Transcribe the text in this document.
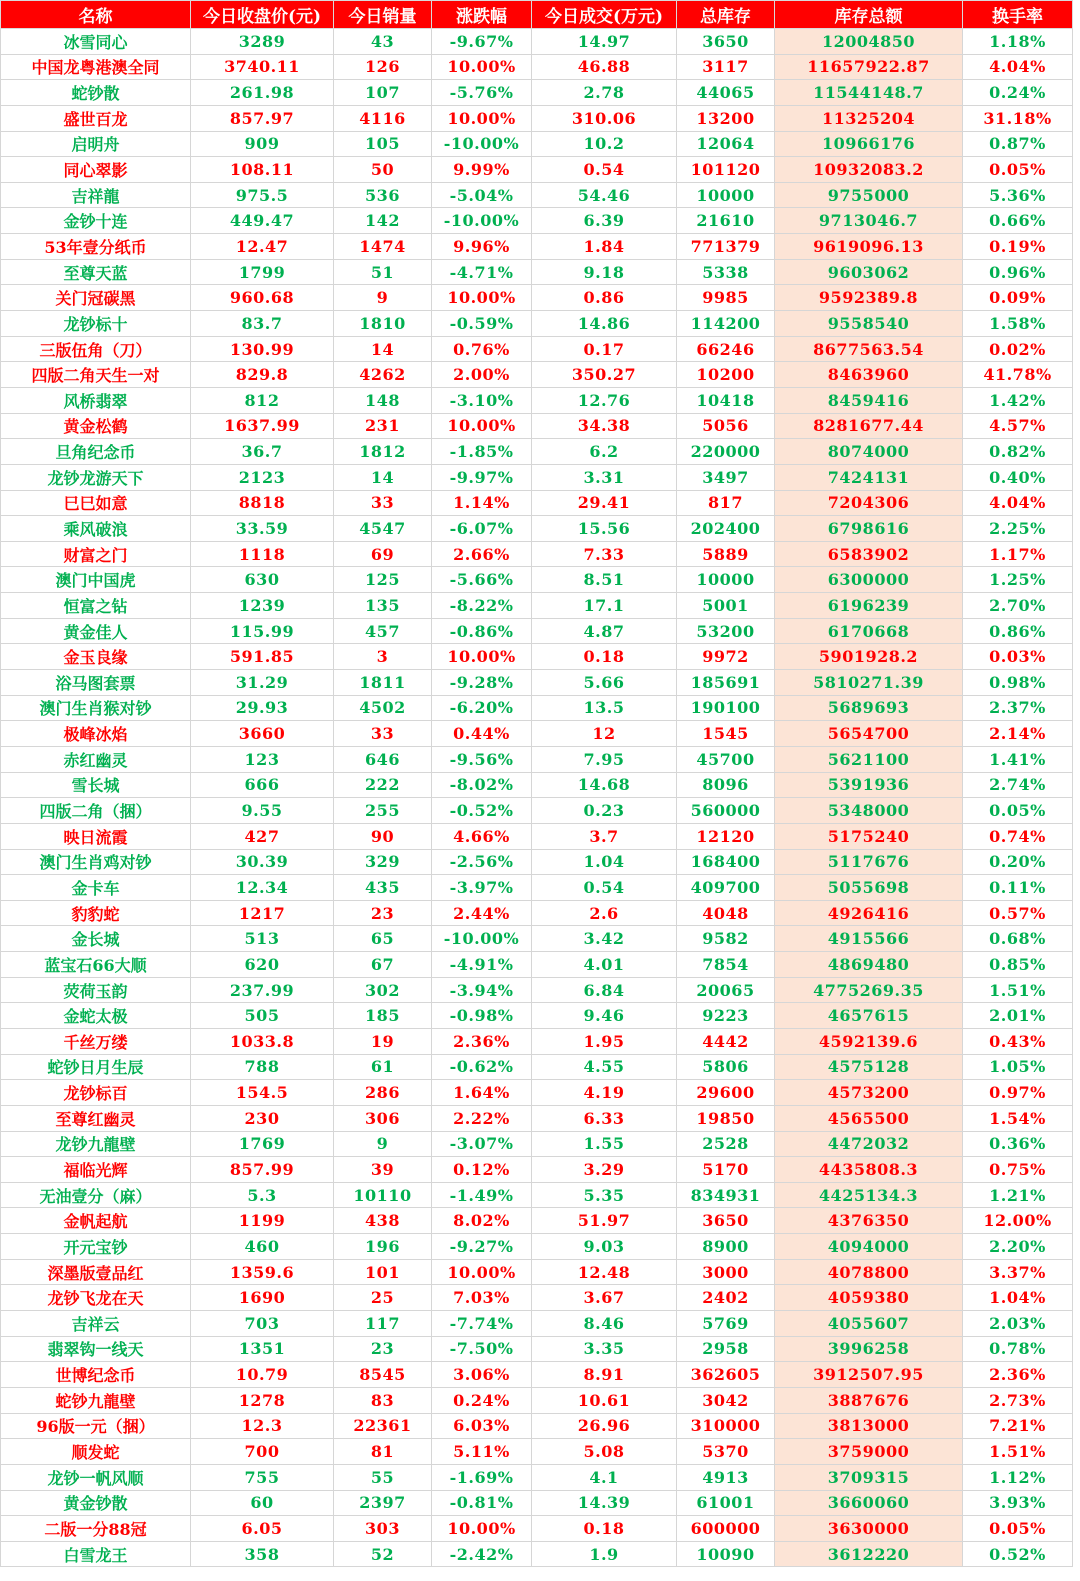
名称	今日收盘价(元)	今日销量	涨跌幅	今日成交(万元)	总库存	库存总额	换手率
冰雪同心	3289	43	-9.67%	14.97	3650	12004850	1.18%
中国龙粤港澳全同	3740.11	126	10.00%	46.88	3117	11657922.87	4.04%
蛇钞散	261.98	107	-5.76%	2.78	44065	11544148.7	0.24%
盛世百龙	857.97	4116	10.00%	310.06	13200	11325204	31.18%
启明舟	909	105	-10.00%	10.2	12064	10966176	0.87%
同心翠影	108.11	50	9.99%	0.54	101120	10932083.2	0.05%
吉祥龍	975.5	536	-5.04%	54.46	10000	9755000	5.36%
金钞十连	449.47	142	-10.00%	6.39	21610	9713046.7	0.66%
53年壹分纸币	12.47	1474	9.96%	1.84	771379	9619096.13	0.19%
至尊天蓝	1799	51	-4.71%	9.18	5338	9603062	0.96%
关门冠碳黑	960.68	9	10.00%	0.86	9985	9592389.8	0.09%
龙钞标十	83.7	1810	-0.59%	14.86	114200	9558540	1.58%
三版伍角（刀）	130.99	14	0.76%	0.17	66246	8677563.54	0.02%
四版二角天生一对	829.8	4262	2.00%	350.27	10200	8463960	41.78%
风桥翡翠	812	148	-3.10%	12.76	10418	8459416	1.42%
黄金松鹤	1637.99	231	10.00%	34.38	5056	8281677.44	4.57%
旦角纪念币	36.7	1812	-1.85%	6.2	220000	8074000	0.82%
龙钞龙游天下	2123	14	-9.97%	3.31	3497	7424131	0.40%
巳巳如意	8818	33	1.14%	29.41	817	7204306	4.04%
乘风破浪	33.59	4547	-6.07%	15.56	202400	6798616	2.25%
财富之门	1118	69	2.66%	7.33	5889	6583902	1.17%
澳门中国虎	630	125	-5.66%	8.51	10000	6300000	1.25%
恒富之钻	1239	135	-8.22%	17.1	5001	6196239	2.70%
黄金佳人	115.99	457	-0.86%	4.87	53200	6170668	0.86%
金玉良缘	591.85	3	10.00%	0.18	9972	5901928.2	0.03%
浴马图套票	31.29	1811	-9.28%	5.66	185691	5810271.39	0.98%
澳门生肖猴对钞	29.93	4502	-6.20%	13.5	190100	5689693	2.37%
极峰冰焰	3660	33	0.44%	12	1545	5654700	2.14%
赤红幽灵	123	646	-9.56%	7.95	45700	5621100	1.41%
雪长城	666	222	-8.02%	14.68	8096	5391936	2.74%
四版二角（捆）	9.55	255	-0.52%	0.23	560000	5348000	0.05%
映日流霞	427	90	4.66%	3.7	12120	5175240	0.74%
澳门生肖鸡对钞	30.39	329	-2.56%	1.04	168400	5117676	0.20%
金卡车	12.34	435	-3.97%	0.54	409700	5055698	0.11%
豹豹蛇	1217	23	2.44%	2.6	4048	4926416	0.57%
金长城	513	65	-10.00%	3.42	9582	4915566	0.68%
蓝宝石66大顺	620	67	-4.91%	4.01	7854	4869480	0.85%
荧荷玉韵	237.99	302	-3.94%	6.84	20065	4775269.35	1.51%
金蛇太极	505	185	-0.98%	9.46	9223	4657615	2.01%
千丝万缕	1033.8	19	2.36%	1.95	4442	4592139.6	0.43%
蛇钞日月生辰	788	61	-0.62%	4.55	5806	4575128	1.05%
龙钞标百	154.5	286	1.64%	4.19	29600	4573200	0.97%
至尊红幽灵	230	306	2.22%	6.33	19850	4565500	1.54%
龙钞九龍壁	1769	9	-3.07%	1.55	2528	4472032	0.36%
福临光辉	857.99	39	0.12%	3.29	5170	4435808.3	0.75%
无油壹分（麻）	5.3	10110	-1.49%	5.35	834931	4425134.3	1.21%
金帆起航	1199	438	8.02%	51.97	3650	4376350	12.00%
开元宝钞	460	196	-9.27%	9.03	8900	4094000	2.20%
深墨版壹品红	1359.6	101	10.00%	12.48	3000	4078800	3.37%
龙钞飞龙在天	1690	25	7.03%	3.67	2402	4059380	1.04%
吉祥云	703	117	-7.74%	8.46	5769	4055607	2.03%
翡翠钩一线天	1351	23	-7.50%	3.35	2958	3996258	0.78%
世博纪念币	10.79	8545	3.06%	8.91	362605	3912507.95	2.36%
蛇钞九龍壁	1278	83	0.24%	10.61	3042	3887676	2.73%
96版一元（捆）	12.3	22361	6.03%	26.96	310000	3813000	7.21%
顺发蛇	700	81	5.11%	5.08	5370	3759000	1.51%
龙钞一帆风顺	755	55	-1.69%	4.1	4913	3709315	1.12%
黄金钞散	60	2397	-0.81%	14.39	61001	3660060	3.93%
二版一分88冠	6.05	303	10.00%	0.18	600000	3630000	0.05%
白雪龙王	358	52	-2.42%	1.9	10090	3612220	0.52%
